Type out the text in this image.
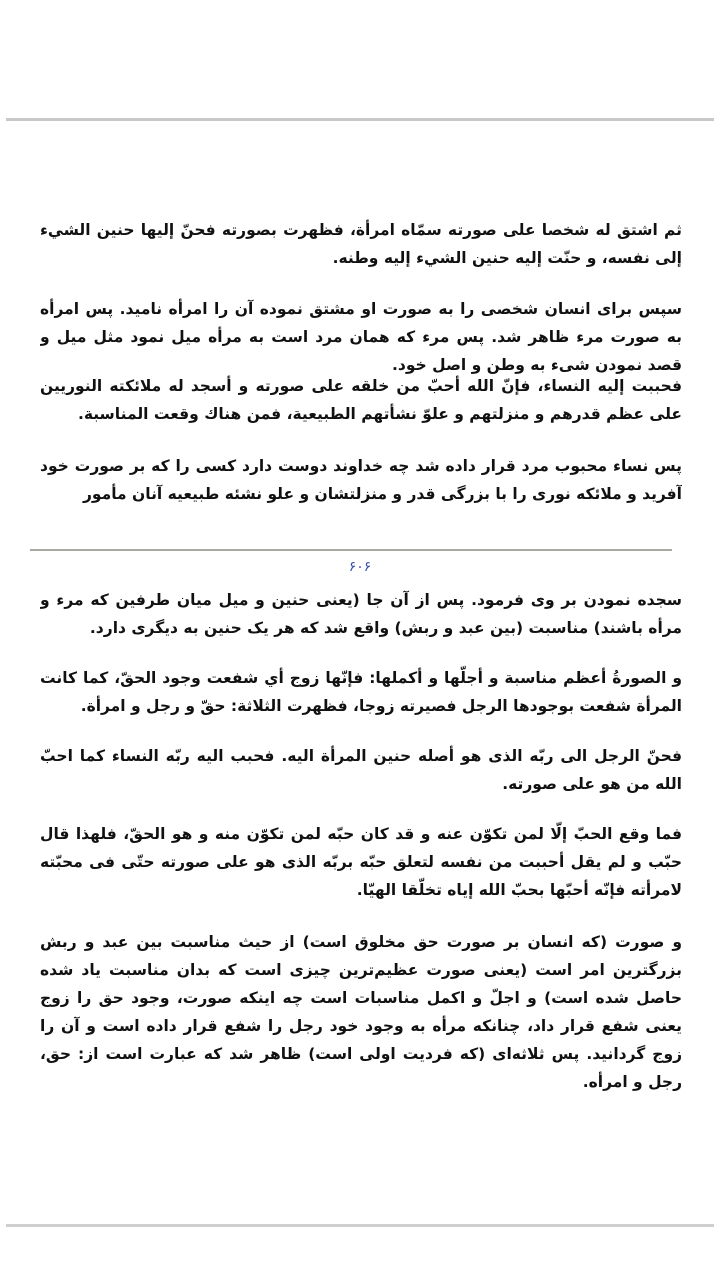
ثم اشتق له شخصا على صورته سمّاه امرأة، فظهرت بصورته فحنّ إليها حنين الشيء إلى نفسه، و حنّت إليه حنين الشيء إليه وطنه.

سپس برای انسان شخصی را به صورت او مشتق نموده آن را امرأه نامید. پس امرأه به صورت مرء ظاهر شد. پس مرء که همان مرد است به مرأه میل نمود مثل میل و قصد نمودن شیء به وطن و اصل خود.

فحببت إليه النساء، فإنّ الله أحبّ من خلقه على صورته و أسجد له ملائكته النوريين على عظم قدرهم و منزلتهم و علوّ نشأتهم الطبيعية، فمن هناك وقعت المناسبة.

پس نساء محبوب مرد قرار داده شد چه خداوند دوست دارد کسی را که بر صورت خود آفرید و ملائکه نوری را با بزرگی قدر و منزلتشان و علو نشئه طبیعیه آنان مأمور

۶۰۶

سجده نمودن بر وی فرمود. پس از آن جا (یعنی حنین و میل میان طرفین که مرء و مرأه باشند) مناسبت (بین عبد و ربش) واقع شد که هر یک حنین به دیگری دارد.

و الصورةُ أعظم مناسبة و أجلّها و أكملها: فإنّها زوج أي شفعت وجود الحقّ، كما كانت المرأة شفعت بوجودها الرجل فصيرته زوجا، فظهرت الثلاثة: حقّ و رجل و امرأة.

فحنّ الرجل الى ربّه الذى هو أصله حنين المرأة اليه. فحبب اليه ربّه النساء كما احبّ الله من هو على صورته.

فما وقع الحبّ إلّا لمن تكوّن عنه و قد كان حبّه لمن تكوّن منه و هو الحقّ، فلهذا قال حبّب و لم يقل أحببت من نفسه لتعلق حبّه بربّه الذى هو على صورته حتّى فى محبّته لامرأته فإنّه أحبّها بحبّ الله إياه تخلّقا الهيّا.

و صورت (كه انسان بر صورت حق مخلوق است) از حيث مناسبت بين عبد و ربش بزرگترين امر است (يعنى صورت عظيم‌ترين چيزى است كه بدان مناسبت ياد شده حاصل شده است) و اجلّ و اكمل مناسبات است چه اينكه صورت، وجود حق را زوج يعنى شفع قرار داد، چنانكه مرأه به وجود خود رجل را شفع قرار داده است و آن را زوج گردانيد. پس ثلاثه‌اى (كه فرديت اولى است) ظاهر شد كه عبارت است از: حق، رجل و امرأه.
